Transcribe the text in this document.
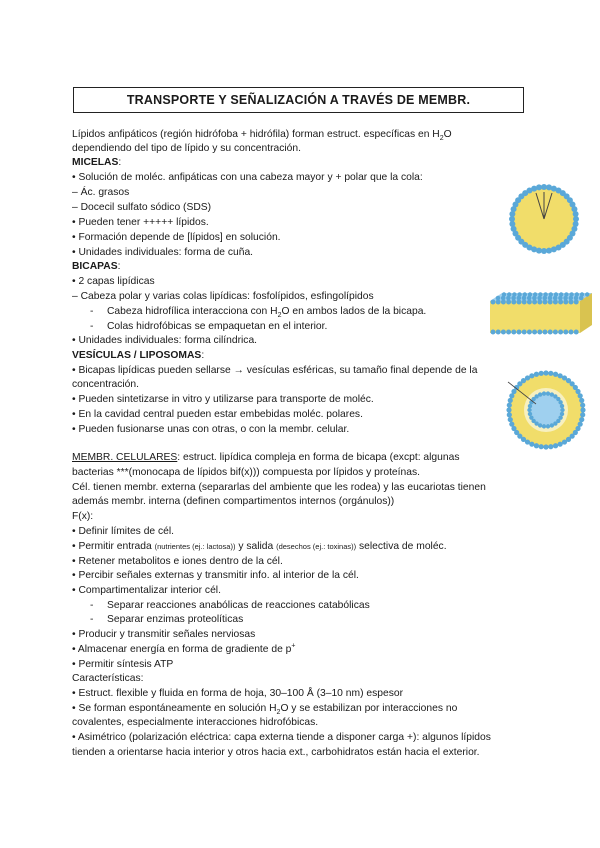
TRANSPORTE Y SEÑALIZACIÓN A TRAVÉS DE MEMBR.
Lípidos anfipáticos (región hidrófoba + hidrófila) forman estruct. específicas en $H_2O$
dependiendo del tipo de lípido y su concentración.
MICELAS:
• Solución de moléc. anfipáticas con una cabeza mayor y + polar que la cola:
– Ác. grasos
– Docecil sulfato sódico (SDS)
• Pueden tener +++++ lípidos.
• Formación depende de [lípidos] en solución.
• Unidades individuales: forma de cuña.
BICAPAS:
• 2 capas lipídicas
– Cabeza polar y varias colas lipídicas: fosfolípidos, esfingolípidos
- Cabeza hidrofílica interacciona con $H_2O$ en ambos lados de la bicapa.
- Colas hidrofóbicas se empaquetan en el interior.
• Unidades individuales: forma cilíndrica.
VESÍCULAS / LIPOSOMAS:
• Bicapas lipídicas pueden sellarse → vesículas esféricas, su tamaño final depende de la
concentración.
• Pueden sintetizarse in vitro y utilizarse para transporte de moléc.
• En la cavidad central pueden estar embebidas moléc. polares.
• Pueden fusionarse unas con otras, o con la membr. celular.
MEMBR. CELULARES: estruct. lipídica compleja en forma de bicapa (excpt: algunas
bacterias ***(monocapa de lípidos bif(x))) compuesta por lípidos y proteínas.
Cél. tienen membr. externa (separarlas del ambiente que les rodea) y las eucariotas tienen
además membr. interna (definen compartimentos internos (orgánulos))
F(x):
• Definir límites de cél.
• Permitir entrada (nutrientes (ej.: lactosa)) y salida (desechos (ej.: toxinas)) selectiva de moléc.
• Retener metabolitos e iones dentro de la cél.
• Percibir señales externas y transmitir info. al interior de la cél.
• Compartimentalizar interior cél.
- Separar reacciones anabólicas de reacciones catabólicas
- Separar enzimas proteolíticas
• Producir y transmitir señales nerviosas
• Almacenar energía en forma de gradiente de p+
• Permitir síntesis ATP
Características:
• Estruct. flexible y fluida en forma de hoja, 30–100 Å (3–10 nm) espesor
• Se forman espontáneamente en solución $H_2O$ y se estabilizan por interacciones no
covalentes, especialmente interacciones hidrofóbicas.
• Asimétrico (polarización eléctrica: capa externa tiende a disponer carga +): algunos lípidos
tienden a orientarse hacia interior y otros hacia ext., carbohidratos están hacia el exterior.
